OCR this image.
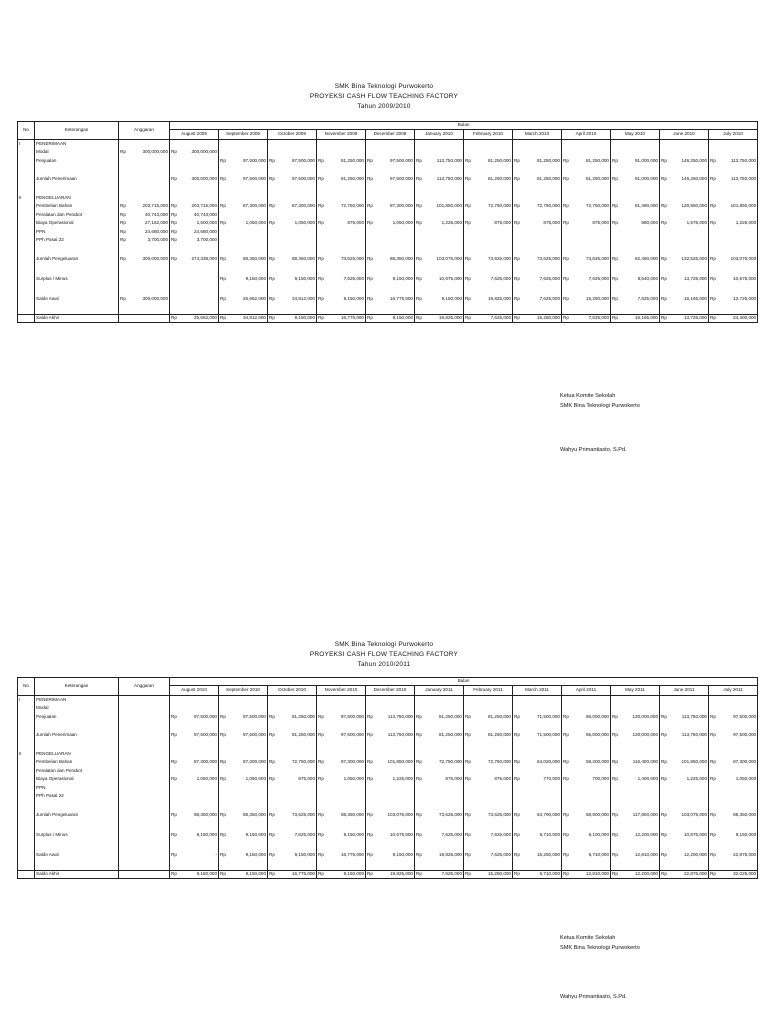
SMK Bina Teknologi Purwokerto
PROYEKSI CASH FLOW TEACHING FACTORY
Tahun 2009/2010
No	Keterangan	Anggaran	Bulan											
			August 2009	September 2009	October 2009	November 2009	December 2009	January 2010	February 2010	March 2010	April 2010	May 2010	June 2010	July 2010
I	PENERIMAAN													
	Modal	Rp 300,000,000	Rp 300,000,000											

	Penjualan			Rp 97,500,000	Rp 97,500,000	Rp 81,250,000	Rp 97,500,000	Rp 113,750,000	Rp 81,250,000	Rp 81,250,000	Rp 81,250,000	Rp 91,000,000	Rp 146,250,000	Rp 113,750,000

	Jumlah Penerimaan		Rp 300,000,000	Rp 97,500,000	Rp 97,500,000	Rp 81,250,000	Rp 97,500,000	Rp 113,750,000	Rp 81,250,000	Rp 81,250,000	Rp 81,250,000	Rp 91,000,000	Rp 146,250,000	Rp 113,750,000

II	PENGELUARAN													
	Pembelian Bahan	Rp 203,715,000	Rp 203,715,000	Rp 87,300,000	Rp 87,300,000	Rp 72,750,000	Rp 87,300,000	Rp 101,850,000	Rp 72,750,000	Rp 72,750,000	Rp 72,750,000	Rp 81,480,000	Rp 130,950,000	Rp 101,850,000

	Peralatan dan Perabot	Rp 40,743,000	Rp 40,743,000											

	Biaya Operasional	Rp 27,162,000	Rp 1,500,000	Rp 1,050,000	Rp 1,050,000	Rp 875,000	Rp 1,050,000	Rp 1,225,000	Rp 875,000	Rp 875,000	Rp 875,000	Rp 980,000	Rp 1,575,000	Rp 1,225,000

	PPN	Rp 24,680,000	Rp 24,680,000											

	PPh Pasal 22	Rp 3,700,000	Rp 3,700,000											

	Jumlah Pengeluaran	Rp 300,000,000	Rp 274,338,000	Rp 88,350,000	Rp 88,350,000	Rp 73,625,000	Rp 88,350,000	Rp 103,075,000	Rp 73,625,000	Rp 73,625,000	Rp 73,625,000	Rp 82,460,000	Rp 132,525,000	Rp 103,075,000

	Surplus / Minus			Rp 9,150,000	Rp 9,150,000	Rp 7,625,000	Rp 9,150,000	Rp 10,675,000	Rp 7,625,000	Rp 7,625,000	Rp 7,625,000	Rp 8,540,000	Rp 13,725,000	Rp 10,675,000

	Saldo Awal	Rp 300,000,000		Rp 25,662,000	Rp 34,812,000	Rp 9,150,000	Rp 16,775,000	Rp 9,150,000	Rp 19,825,000	Rp 7,625,000	Rp 15,250,000	Rp 7,625,000	Rp 16,165,000	Rp 13,725,000

	Saldo Akhir		Rp 25,662,000	Rp 34,812,000	Rp 9,150,000	Rp 16,775,000	Rp 9,150,000	Rp 19,825,000	Rp 7,625,000	Rp 15,250,000	Rp 7,625,000	Rp 16,165,000	Rp 13,725,000	Rp 24,400,000
Ketua Komite Sekolah
SMK Bina Teknologi Purwokerto
Wahyu Primantiasto, S.Pd.
SMK Bina Teknologi Purwokerto
PROYEKSI CASH FLOW TEACHING FACTORY
Tahun 2010/2011
No	Keterangan	Anggaran	Bulan											
			August 2010	September 2010	October 2010	November 2010	December 2010	January 2011	February 2011	March 2011	April 2011	May 2011	June 2011	July 2011
I	PENERIMAAN													
	Modal													
	Penjualan		Rp 97,500,000	Rp 97,500,000	Rp 81,250,000	Rp 97,500,000	Rp 113,750,000	Rp 81,250,000	Rp 81,250,000	Rp 71,500,000	Rp 65,000,000	Rp 130,000,000	Rp 113,750,000	Rp 97,500,000

	Jumlah Penerimaan		Rp 97,500,000	Rp 97,500,000	Rp 81,250,000	Rp 97,500,000	Rp 113,750,000	Rp 81,250,000	Rp 81,250,000	Rp 71,500,000	Rp 65,000,000	Rp 130,000,000	Rp 113,750,000	Rp 97,500,000

II	PENGELUARAN													
	Pembelian Bahan		Rp 87,300,000	Rp 87,300,000	Rp 72,750,000	Rp 87,300,000	Rp 101,850,000	Rp 72,750,000	Rp 72,750,000	Rp 64,020,000	Rp 58,200,000	Rp 116,400,000	Rp 101,850,000	Rp 87,300,000

	Peralatan dan Perabot													
	Biaya Operasional		Rp 1,050,000	Rp 1,050,000	Rp 875,000	Rp 1,050,000	Rp 1,225,000	Rp 875,000	Rp 875,000	Rp 770,000	Rp 700,000	Rp 1,400,000	Rp 1,225,000	Rp 1,050,000

	PPN													
	PPh Pasal 22													

	Jumlah Pengeluaran		Rp 88,350,000	Rp 88,350,000	Rp 73,625,000	Rp 88,350,000	Rp 103,075,000	Rp 73,625,000	Rp 73,625,000	Rp 64,790,000	Rp 58,900,000	Rp 117,800,000	Rp 103,075,000	Rp 88,350,000

	Surplus / Minus		Rp 9,150,000	Rp 9,150,000	Rp 7,625,000	Rp 9,150,000	Rp 10,675,000	Rp 7,625,000	Rp 7,625,000	Rp 6,710,000	Rp 6,100,000	Rp 12,200,000	Rp 10,675,000	Rp 9,150,000

	Saldo Awal		Rp -	Rp 9,150,000	Rp 9,150,000	Rp 16,775,000	Rp 9,150,000	Rp 19,825,000	Rp 7,625,000	Rp 15,250,000	Rp 6,710,000	Rp 12,810,000	Rp 12,200,000	Rp 22,875,000

	Saldo Akhir		Rp 9,150,000	Rp 9,150,000	Rp 16,775,000	Rp 9,150,000	Rp 19,825,000	Rp 7,625,000	Rp 15,250,000	Rp 6,710,000	Rp 12,810,000	Rp 12,200,000	Rp 22,875,000	Rp 32,025,000
Ketua Komite Sekolah
SMK Bina Teknologi Purwokerto
Wahyu Primantiasto, S.Pd.
